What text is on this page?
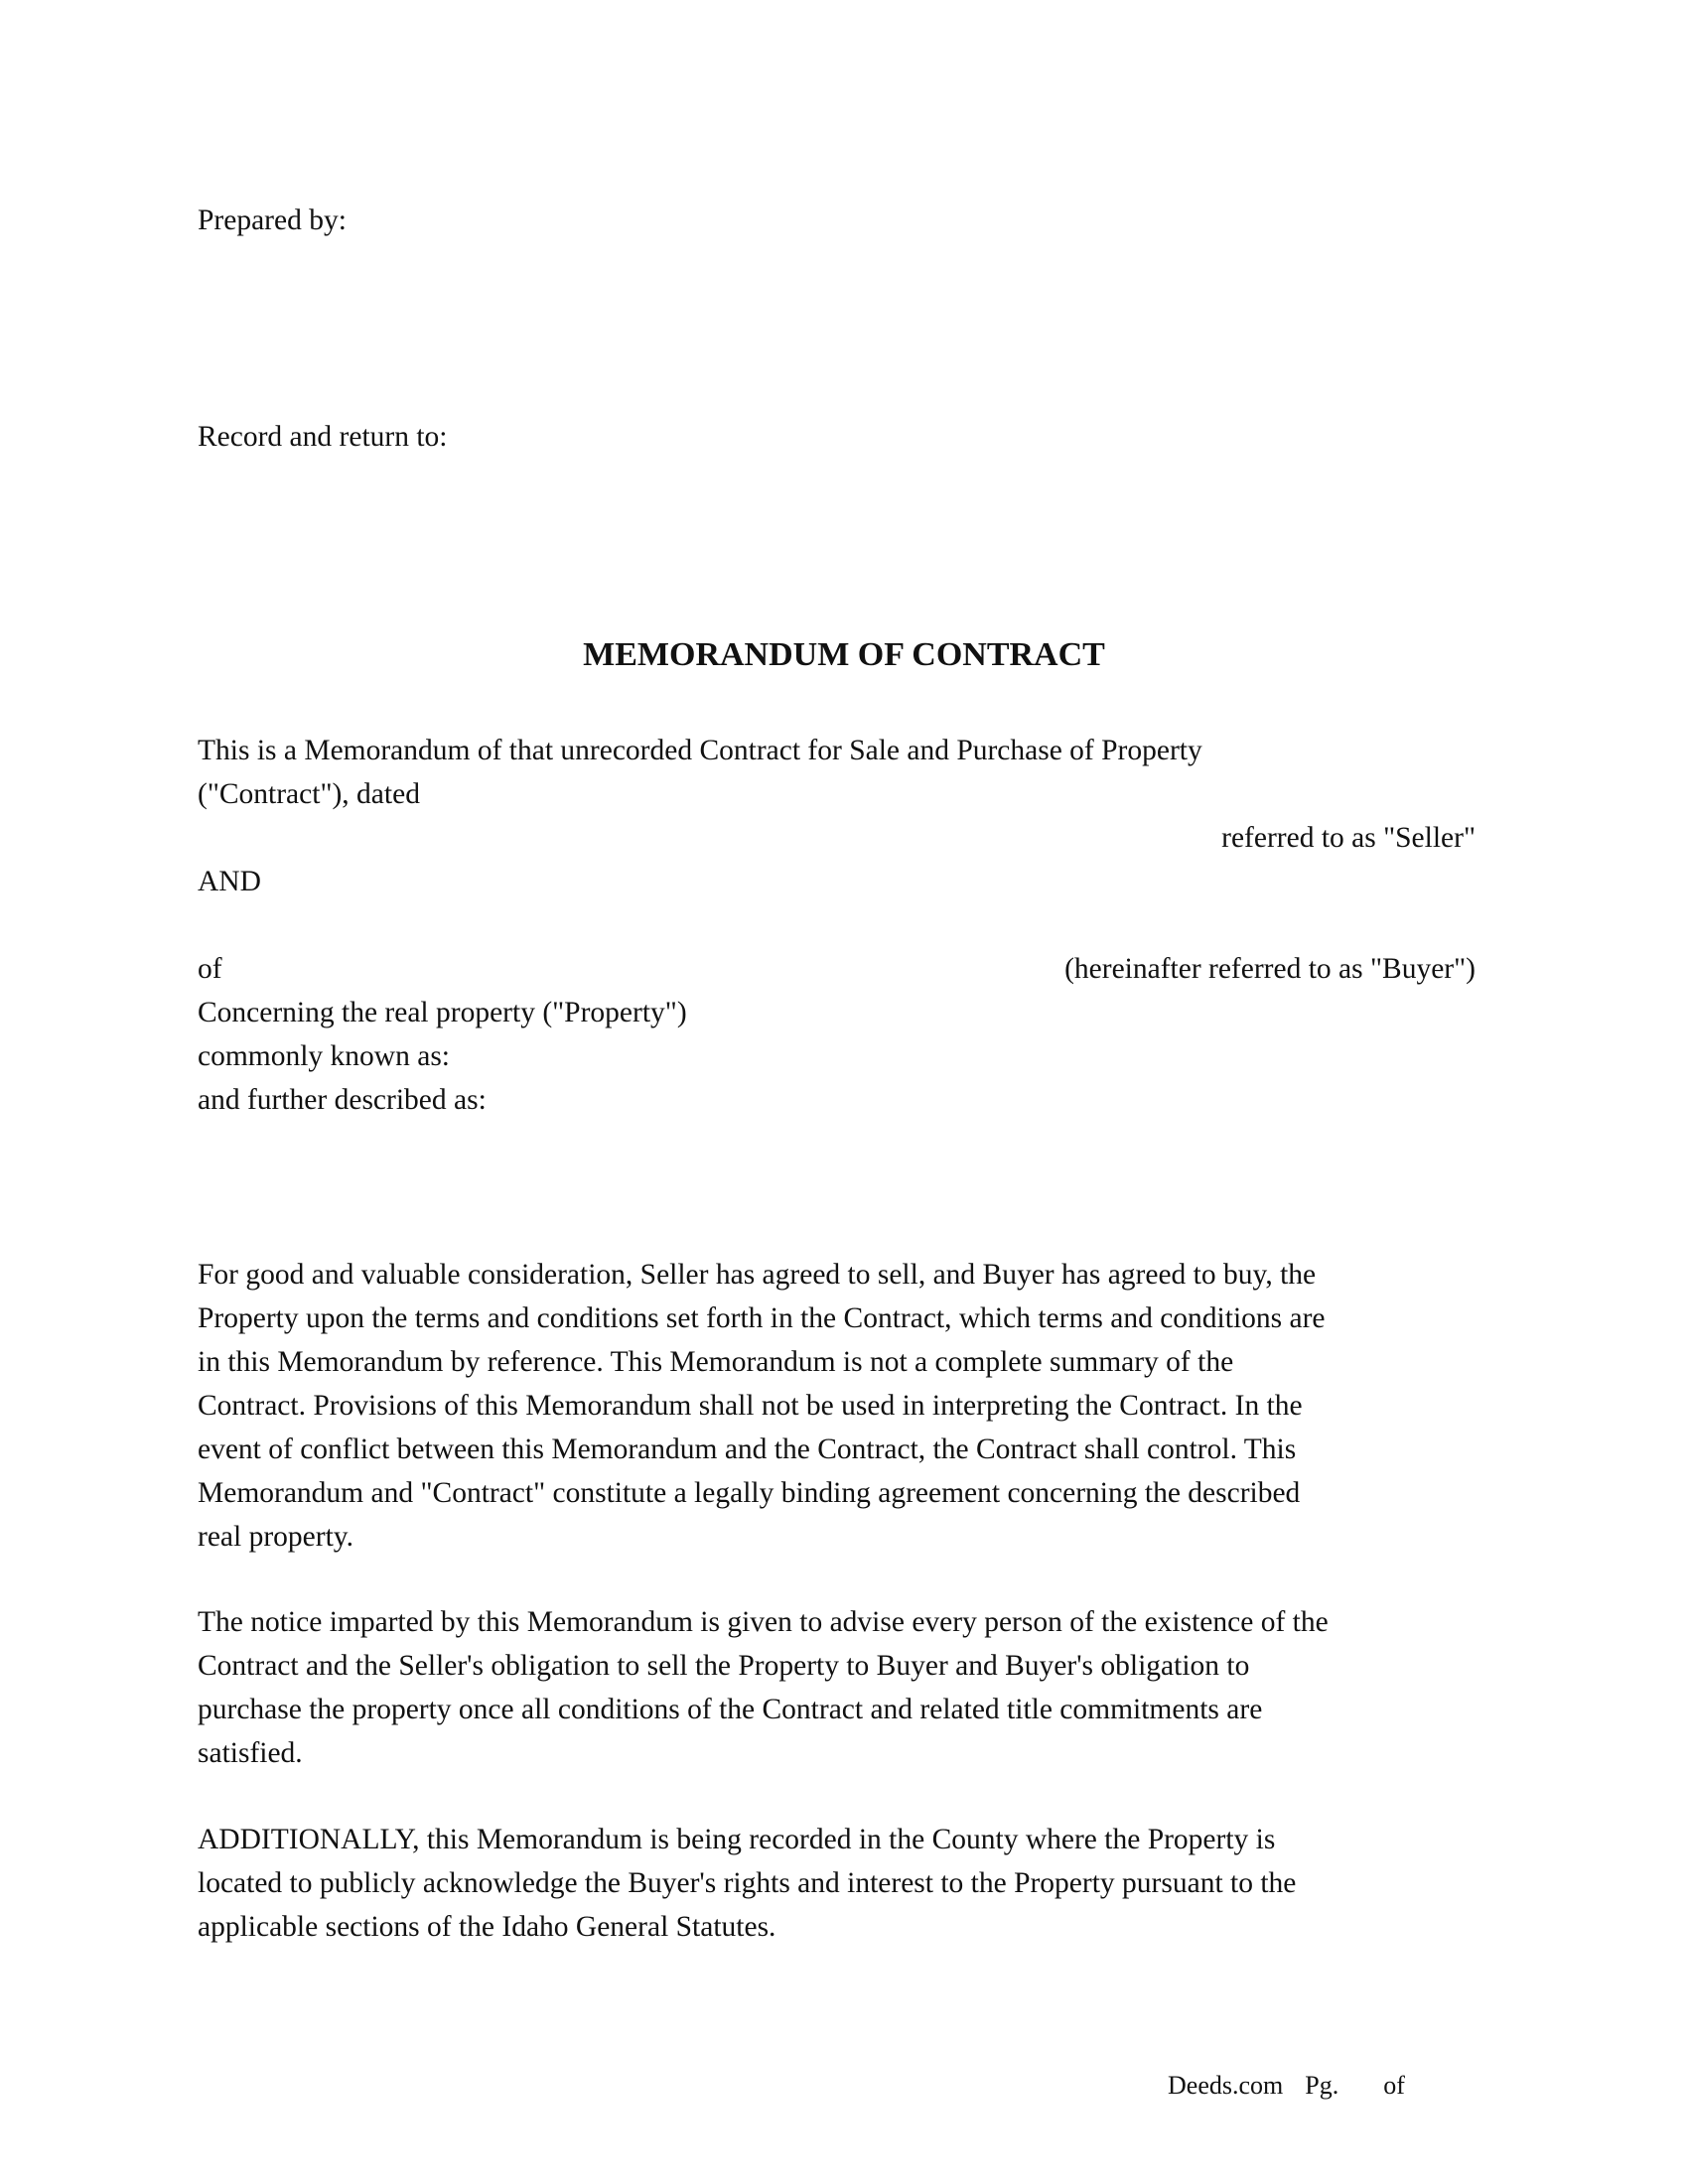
Prepared by:

Record and return to:

MEMORANDUM OF CONTRACT

This is a Memorandum of that unrecorded Contract for Sale and Purchase of Property

("Contract"), dated

referred to as "Seller"

AND

of	(hereinafter referred to as "Buyer")

Concerning the real property ("Property")

commonly known as:

and further described as:

For good and valuable consideration, Seller has agreed to sell, and Buyer has agreed to buy, the
Property upon the terms and conditions set forth in the Contract, which terms and conditions are
in this Memorandum by reference. This Memorandum is not a complete summary of the
Contract. Provisions of this Memorandum shall not be used in interpreting the Contract. In the
event of conflict between this Memorandum and the Contract, the Contract shall control. This
Memorandum and "Contract" constitute a legally binding agreement concerning the described
real property.
The notice imparted by this Memorandum is given to advise every person of the existence of the
Contract and the Seller's obligation to sell the Property to Buyer and Buyer's obligation to
purchase the property once all conditions of the Contract and related title commitments are
satisfied.
ADDITIONALLY, this Memorandum is being recorded in the County where the Property is
located to publicly acknowledge the Buyer's rights and interest to the Property pursuant to the
applicable sections of the Idaho General Statutes.
Deeds.com Pg. of
